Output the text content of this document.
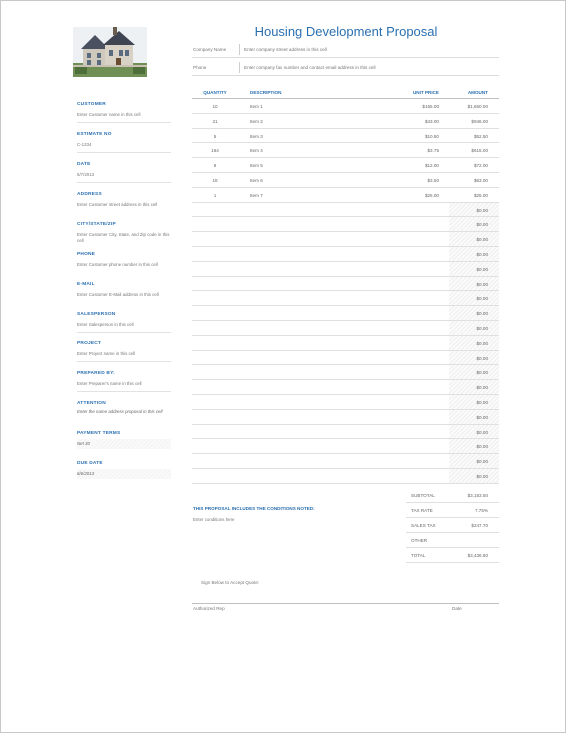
Housing Development Proposal
Company Name	Enter company street address in this cell
Phone	Enter company fax number and contact email address in this cell
CUSTOMER
Enter Customer name in this cell
ESTIMATE NO
C-1234
DATE
5/7/2013
ADDRESS
Enter Customer street address in this cell
CITY/STATE/ZIP
Enter Customer City, State, and Zip code in this cell
PHONE
Enter Customer phone number in this cell
E-MAIL
Enter Customer E-Mail address in this cell
SALESPERSON
Enter Salesperson in this cell
PROJECT
Enter Project name in this cell
PREPARED BY:
Enter Preparer's name in this cell
ATTENTION
Enter the name address proposal in this cell
PAYMENT TERMS
Net 30
DUE DATE
6/6/2013
QUANTITY	DESCRIPTION	UNIT PRICE	AMOUNT
10	Item 1	$165.00	$1,650.00
21	Item 2	$43.00	$946.00
5	Item 3	$10.50	$52.50
164	Item 4	$3.75	$615.00
6	Item 5	$12.00	$72.00
18	Item 6	$3.50	$63.00
1	Item 7	$25.00	$25.00
$0.00
$0.00
$0.00
$0.00
$0.00
$0.00
$0.00
$0.00
$0.00
$0.00
$0.00
$0.00
$0.00
$0.00
$0.00
$0.00
$0.00
$0.00
$0.00
SUBTOTAL	$3,183.50
TAX RATE	7.75%
SALES TAX	$247.70
OTHER
TOTAL	$3,436.80
THIS PROPOSAL INCLUDES THE CONDITIONS NOTED:
Enter conditions here
Sign Below to Accept Quote:
Authorized Rep	Date
